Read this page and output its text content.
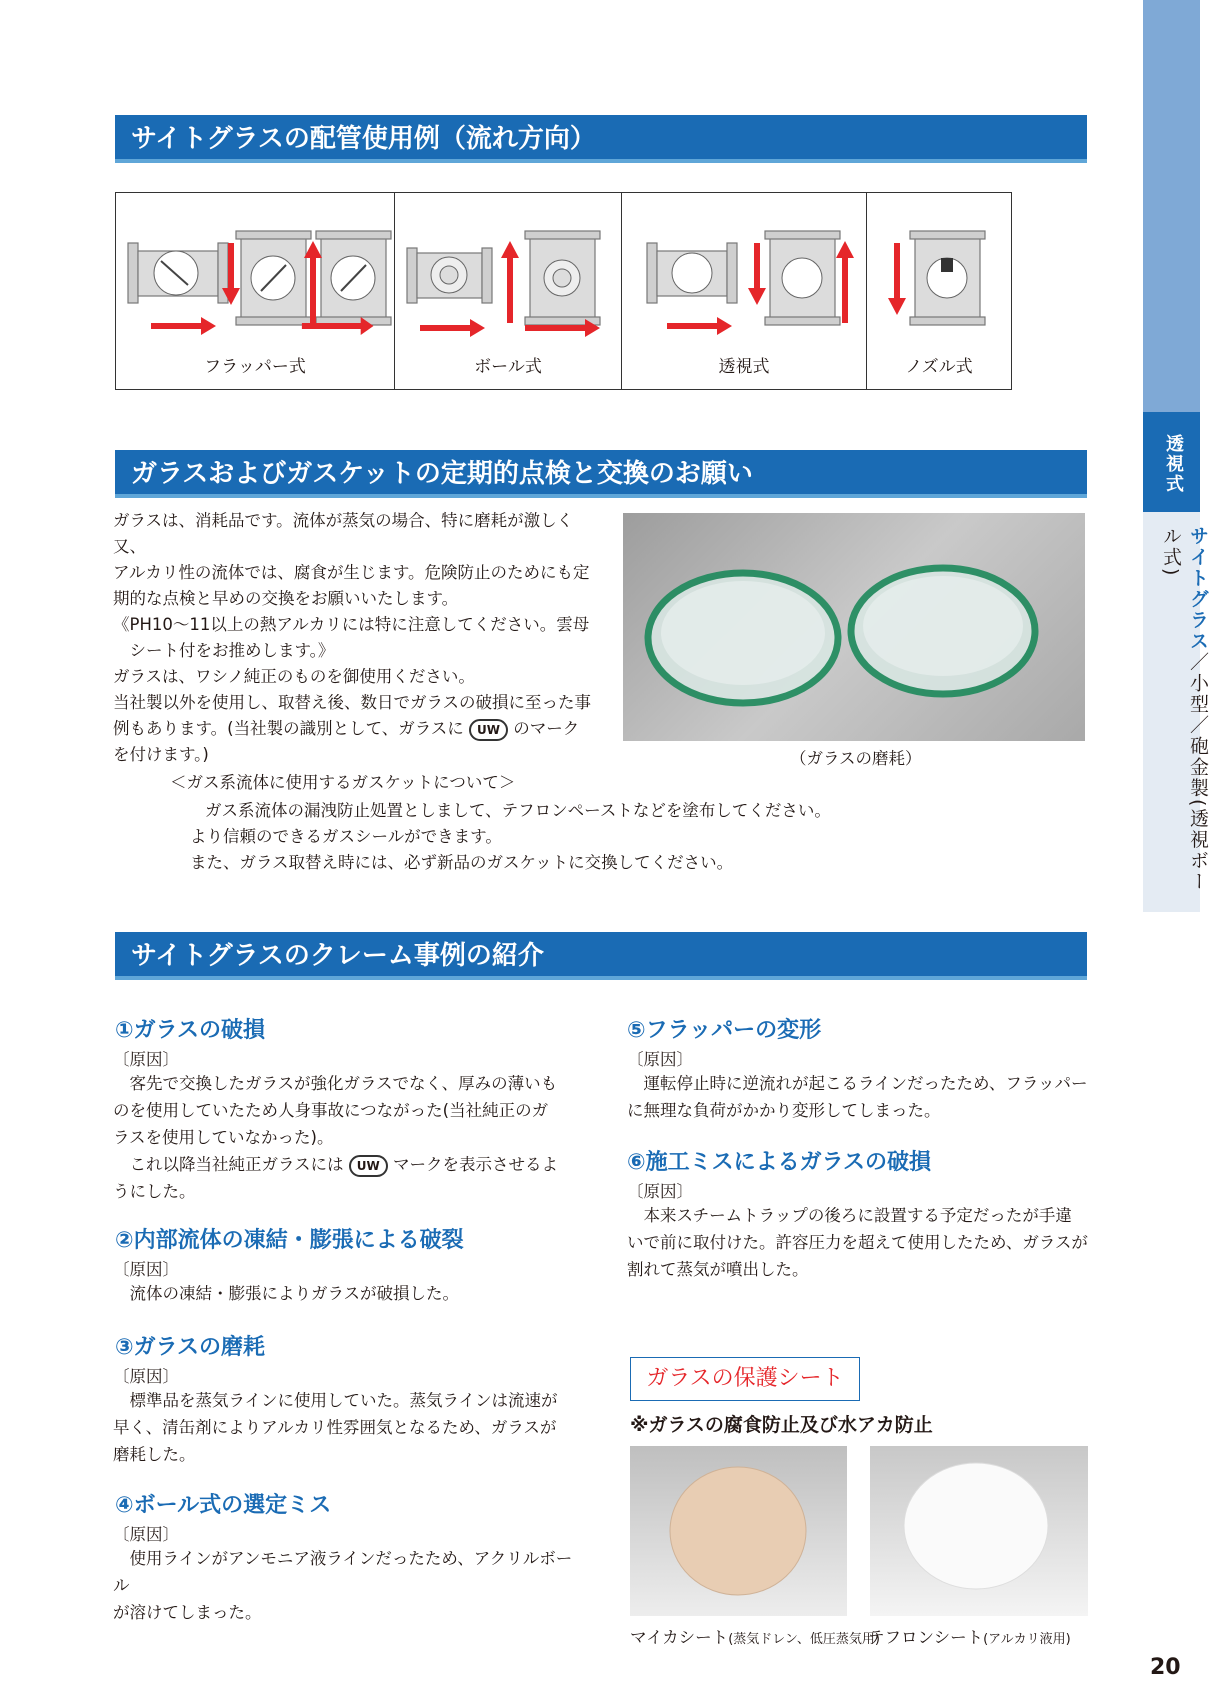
透視式
サイトグラス／小型／砲金製(透視ボール式)
20
サイトグラスの配管使用例（流れ方向）
フラッパー式	ボール式	透視式	ノズル式
ガラスおよびガスケットの定期的点検と交換のお願い
ガラスは、消耗品です。流体が蒸気の場合、特に磨耗が激しく又、
アルカリ性の流体では、腐食が生じます。危険防止のためにも定
期的な点検と早めの交換をお願いいたします。
《PH10〜11以上の熱アルカリには特に注意してください。雲母
　シート付をお推めします。》
ガラスは、ワシノ純正のものを御使用ください。
当社製以外を使用し、取替え後、数日でガラスの破損に至った事
例もあります。(当社製の識別として、ガラスに UW のマーク
を付けます。)	（ガラスの磨耗）
＜ガス系流体に使用するガスケットについて＞
ガス系流体の漏洩防止処置としまして、テフロンペーストなどを塗布してください。
より信頼のできるガスシールができます。
また、ガラス取替え時には、必ず新品のガスケットに交換してください。
サイトグラスのクレーム事例の紹介
①ガラスの破損
〔原因〕
　客先で交換したガラスが強化ガラスでなく、厚みの薄いも
のを使用していたため人身事故につながった(当社純正のガ
ラスを使用していなかった)。
　これ以降当社純正ガラスには UW マークを表示させるよ
うにした。
②内部流体の凍結・膨張による破裂
〔原因〕
　流体の凍結・膨張によりガラスが破損した。
③ガラスの磨耗
〔原因〕
　標準品を蒸気ラインに使用していた。蒸気ラインは流速が
早く、清缶剤によりアルカリ性雰囲気となるため、ガラスが
磨耗した。
④ボール式の選定ミス
〔原因〕
　使用ラインがアンモニア液ラインだったため、アクリルボール
が溶けてしまった。
⑤フラッパーの変形
〔原因〕
　運転停止時に逆流れが起こるラインだったため、フラッパー
に無理な負荷がかかり変形してしまった。
⑥施工ミスによるガラスの破損
〔原因〕
　本来スチームトラップの後ろに設置する予定だったが手違
いで前に取付けた。許容圧力を超えて使用したため、ガラスが
割れて蒸気が噴出した。
ガラスの保護シート
※ガラスの腐食防止及び水アカ防止
マイカシート(蒸気ドレン、低圧蒸気用)
テフロンシート(アルカリ液用)
